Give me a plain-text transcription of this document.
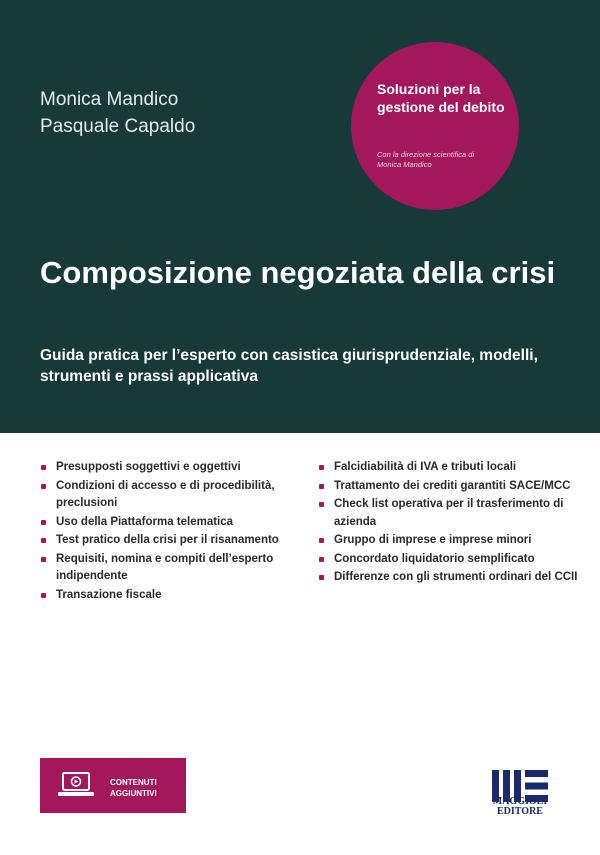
Monica Mandico
Pasquale Capaldo
Soluzioni per la gestione del debito
Con la direzione scientifica di Monica Mandico
Composizione negoziata della crisi
Guida pratica per l’esperto con casistica giurisprudenziale, modelli, strumenti e prassi applicativa
Presupposti soggettivi e oggettivi
Condizioni di accesso e di procedibilità, preclusioni
Uso della Piattaforma telematica
Test pratico della crisi per il risanamento
Requisiti, nomina e compiti dell’esperto indipendente
Transazione fiscale
Falcidiabilità di IVA e tributi locali
Trattamento dei crediti garantiti SACE/MCC
Check list operativa per il trasferimento di azienda
Gruppo di imprese e imprese minori
Concordato liquidatorio semplificato
Differenze con gli strumenti ordinari del CCII
CONTENUTI AGGIUNTIVI
MAGGIOLI EDITORE
